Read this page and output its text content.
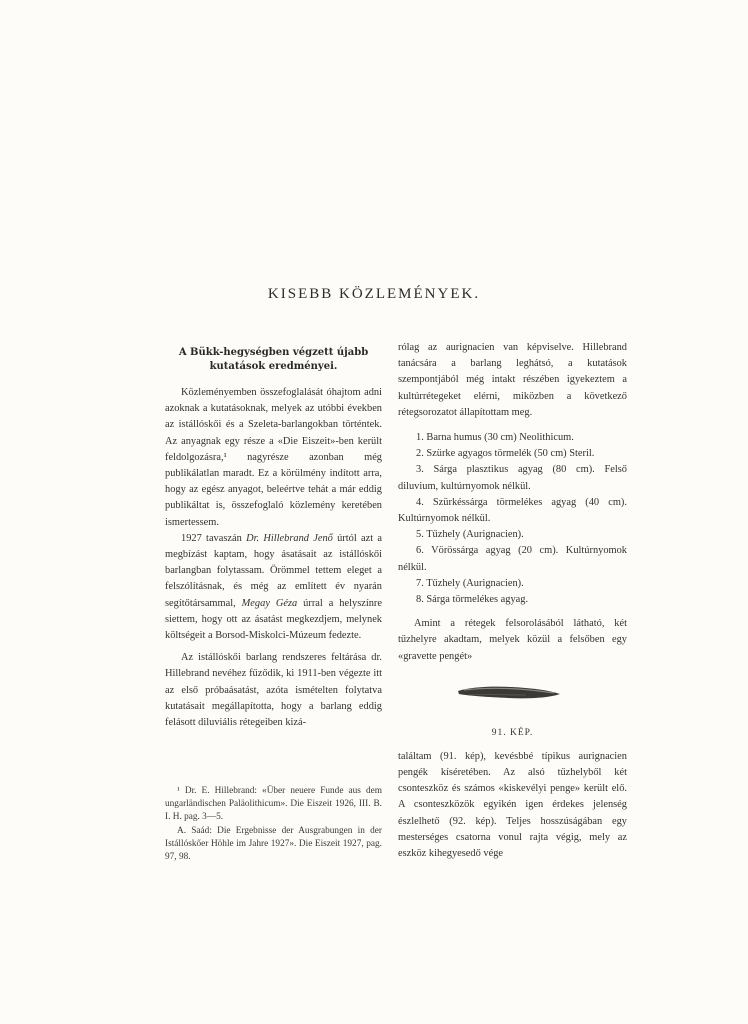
KISEBB KÖZLEMÉNYEK.
A Bükk-hegységben végzett újabb
kutatások eredményei.

Közleményemben összefoglalását óhajtom adni azoknak a kutatásoknak, melyek az utóbbi években az istállóskői és a Szeleta-barlangokban történtek. Az anyagnak egy része a «Die Eiszeit»-ben került feldolgozásra,¹ nagyrésze azonban még publikálatlan maradt. Ez a körülmény indított arra, hogy az egész anyagot, beleértve tehát a már eddig publikáltat is, összefoglaló közlemény keretében ismertessem.

1927 tavaszán Dr. Hillebrand Jenő úrtól azt a megbízást kaptam, hogy ásatásait az istállóskői barlangban folytassam. Örömmel tettem eleget a felszólításnak, és még az említett év nyarán segítőtársammal, Megay Géza úrral a helyszínre siettem, hogy ott az ásatást megkezdjem, melynek költségeit a Borsod-Miskolci-Múzeum fedezte.

Az istállóskői barlang rendszeres feltárása dr. Hillebrand nevéhez fűződik, ki 1911-ben végezte itt az első próbaásatást, azóta ismételten folytatva kutatásait megállapította, hogy a barlang eddig felásott diluviális rétegeiben kizá-

¹ Dr. E. Hillebrand: «Über neuere Funde aus dem ungarländischen Paläolithicum». Die Eiszeit 1926, III. B. I. H. pag. 3—5.

A. Saád: Die Ergebnisse der Ausgrabungen in der Istállóskőer Höhle im Jahre 1927». Die Eiszeit 1927, pag. 97, 98.

rólag az aurignacien van képviselve. Hillebrand tanácsára a barlang leghátsó, a kutatások szempontjából még intakt részében igyekeztem a kultúrrétegeket elérni, miközben a következő rétegsorozatot állapítottam meg.

1. Barna humus (30 cm) Neolithicum.
2. Szürke agyagos törmelék (50 cm) Steril.
3. Sárga plasztikus agyag (80 cm). Felső diluvium, kultúrnyomok nélkül.
4. Szürkéssárga törmelékes agyag (40 cm). Kultúrnyomok nélkül.
5. Tűzhely (Aurignacien).
6. Vörössárga agyag (20 cm). Kultúrnyomok nélkül.
7. Tűzhely (Aurignacien).
8. Sárga törmelékes agyag.

Amint a rétegek felsorolásából látható, két tűzhelyre akadtam, melyek közül a felsőben egy «gravette pengét»

91. KÉP.

találtam (91. kép), kevésbbé típikus aurignacien pengék kíséretében. Az alsó tűzhelyből két csonteszköz és számos «kiskevélyi penge» került elő. A csonteszközök egyikén igen érdekes jelenség észlelhető (92. kép). Teljes hosszúságában egy mesterséges csatorna vonul rajta végig, mely az eszköz kihegyesedő vége
